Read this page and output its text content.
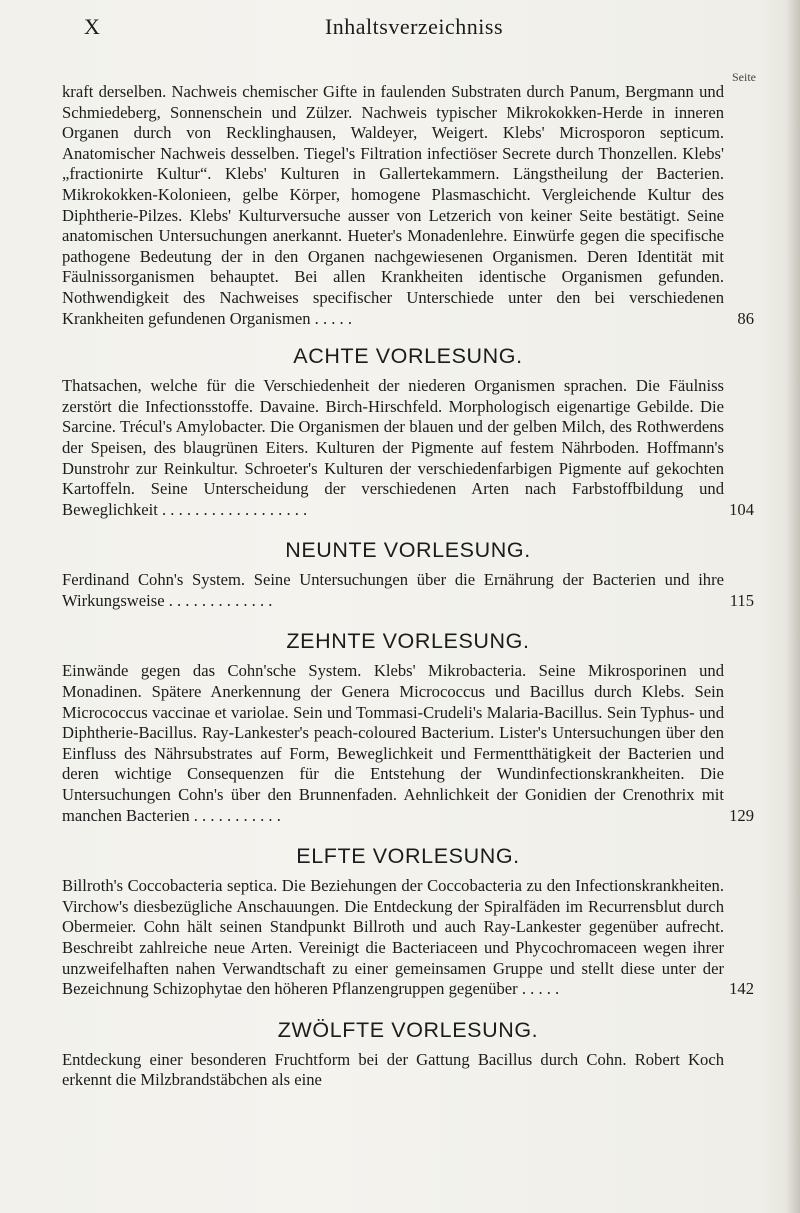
X	Inhaltsverzeichniss
Seite

kraft derselben. Nachweis chemischer Gifte in faulenden Substraten durch Panum, Bergmann und Schmiedeberg, Sonnenschein und Zülzer. Nachweis typischer Mikrokokken-Herde in inneren Organen durch von Recklinghausen, Waldeyer, Weigert. Klebs' Microsporon septicum. Anatomischer Nachweis desselben. Tiegel's Filtration infectiöser Secrete durch Thonzellen. Klebs' „fractionirte Kultur“. Klebs' Kulturen in Gallertekammern. Längstheilung der Bacterien. Mikrokokken-Kolonieen, gelbe Körper, homogene Plasmaschicht. Vergleichende Kultur des Diphtherie-Pilzes. Klebs' Kulturversuche ausser von Letzerich von keiner Seite bestätigt. Seine anatomischen Untersuchungen anerkannt. Hueter's Monadenlehre. Einwürfe gegen die specifische pathogene Bedeutung der in den Organen nachgewiesenen Organismen. Deren Identität mit Fäulnissorganismen behauptet. Bei allen Krankheiten identische Organismen gefunden. Nothwendigkeit des Nachweises specifischer Unterschiede unter den bei verschiedenen Krankheiten gefundenen Organismen . . . . .	86
ACHTE VORLESUNG.

Thatsachen, welche für die Verschiedenheit der niederen Organismen sprachen. Die Fäulniss zerstört die Infectionsstoffe. Davaine. Birch-Hirschfeld. Morphologisch eigenartige Gebilde. Die Sarcine. Trécul's Amylobacter. Die Organismen der blauen und der gelben Milch, des Rothwerdens der Speisen, des blaugrünen Eiters. Kulturen der Pigmente auf festem Nährboden. Hoffmann's Dunstrohr zur Reinkultur. Schroeter's Kulturen der verschiedenfarbigen Pigmente auf gekochten Kartoffeln. Seine Unterscheidung der verschiedenen Arten nach Farbstoffbildung und Beweglichkeit . . . . . . . . . . . . . . . . . .	104
NEUNTE VORLESUNG.

Ferdinand Cohn's System. Seine Untersuchungen über die Ernährung der Bacterien und ihre Wirkungsweise . . . . . . . . . . . . .	115
ZEHNTE VORLESUNG.

Einwände gegen das Cohn'sche System. Klebs' Mikrobacteria. Seine Mikrosporinen und Monadinen. Spätere Anerkennung der Genera Micrococcus und Bacillus durch Klebs. Sein Micrococcus vaccinae et variolae. Sein und Tommasi-Crudeli's Malaria-Bacillus. Sein Typhus- und Diphtherie-Bacillus. Ray-Lankester's peach-coloured Bacterium. Lister's Untersuchungen über den Einfluss des Nährsubstrates auf Form, Beweglichkeit und Fermentthätigkeit der Bacterien und deren wichtige Consequenzen für die Entstehung der Wundinfectionskrankheiten. Die Untersuchungen Cohn's über den Brunnenfaden. Aehnlichkeit der Gonidien der Crenothrix mit manchen Bacterien . . . . . . . . . . .	129
ELFTE VORLESUNG.

Billroth's Coccobacteria septica. Die Beziehungen der Coccobacteria zu den Infectionskrankheiten. Virchow's diesbezügliche Anschauungen. Die Entdeckung der Spiralfäden im Recurrensblut durch Obermeier. Cohn hält seinen Standpunkt Billroth und auch Ray-Lankester gegenüber aufrecht. Beschreibt zahlreiche neue Arten. Vereinigt die Bacteriaceen und Phycochromaceen wegen ihrer unzweifelhaften nahen Verwandtschaft zu einer gemeinsamen Gruppe und stellt diese unter der Bezeichnung Schizophytae den höheren Pflanzengruppen gegenüber . . . . .	142
ZWÖLFTE VORLESUNG.

Entdeckung einer besonderen Fruchtform bei der Gattung Bacillus durch Cohn. Robert Koch erkennt die Milzbrandstäbchen als eine
